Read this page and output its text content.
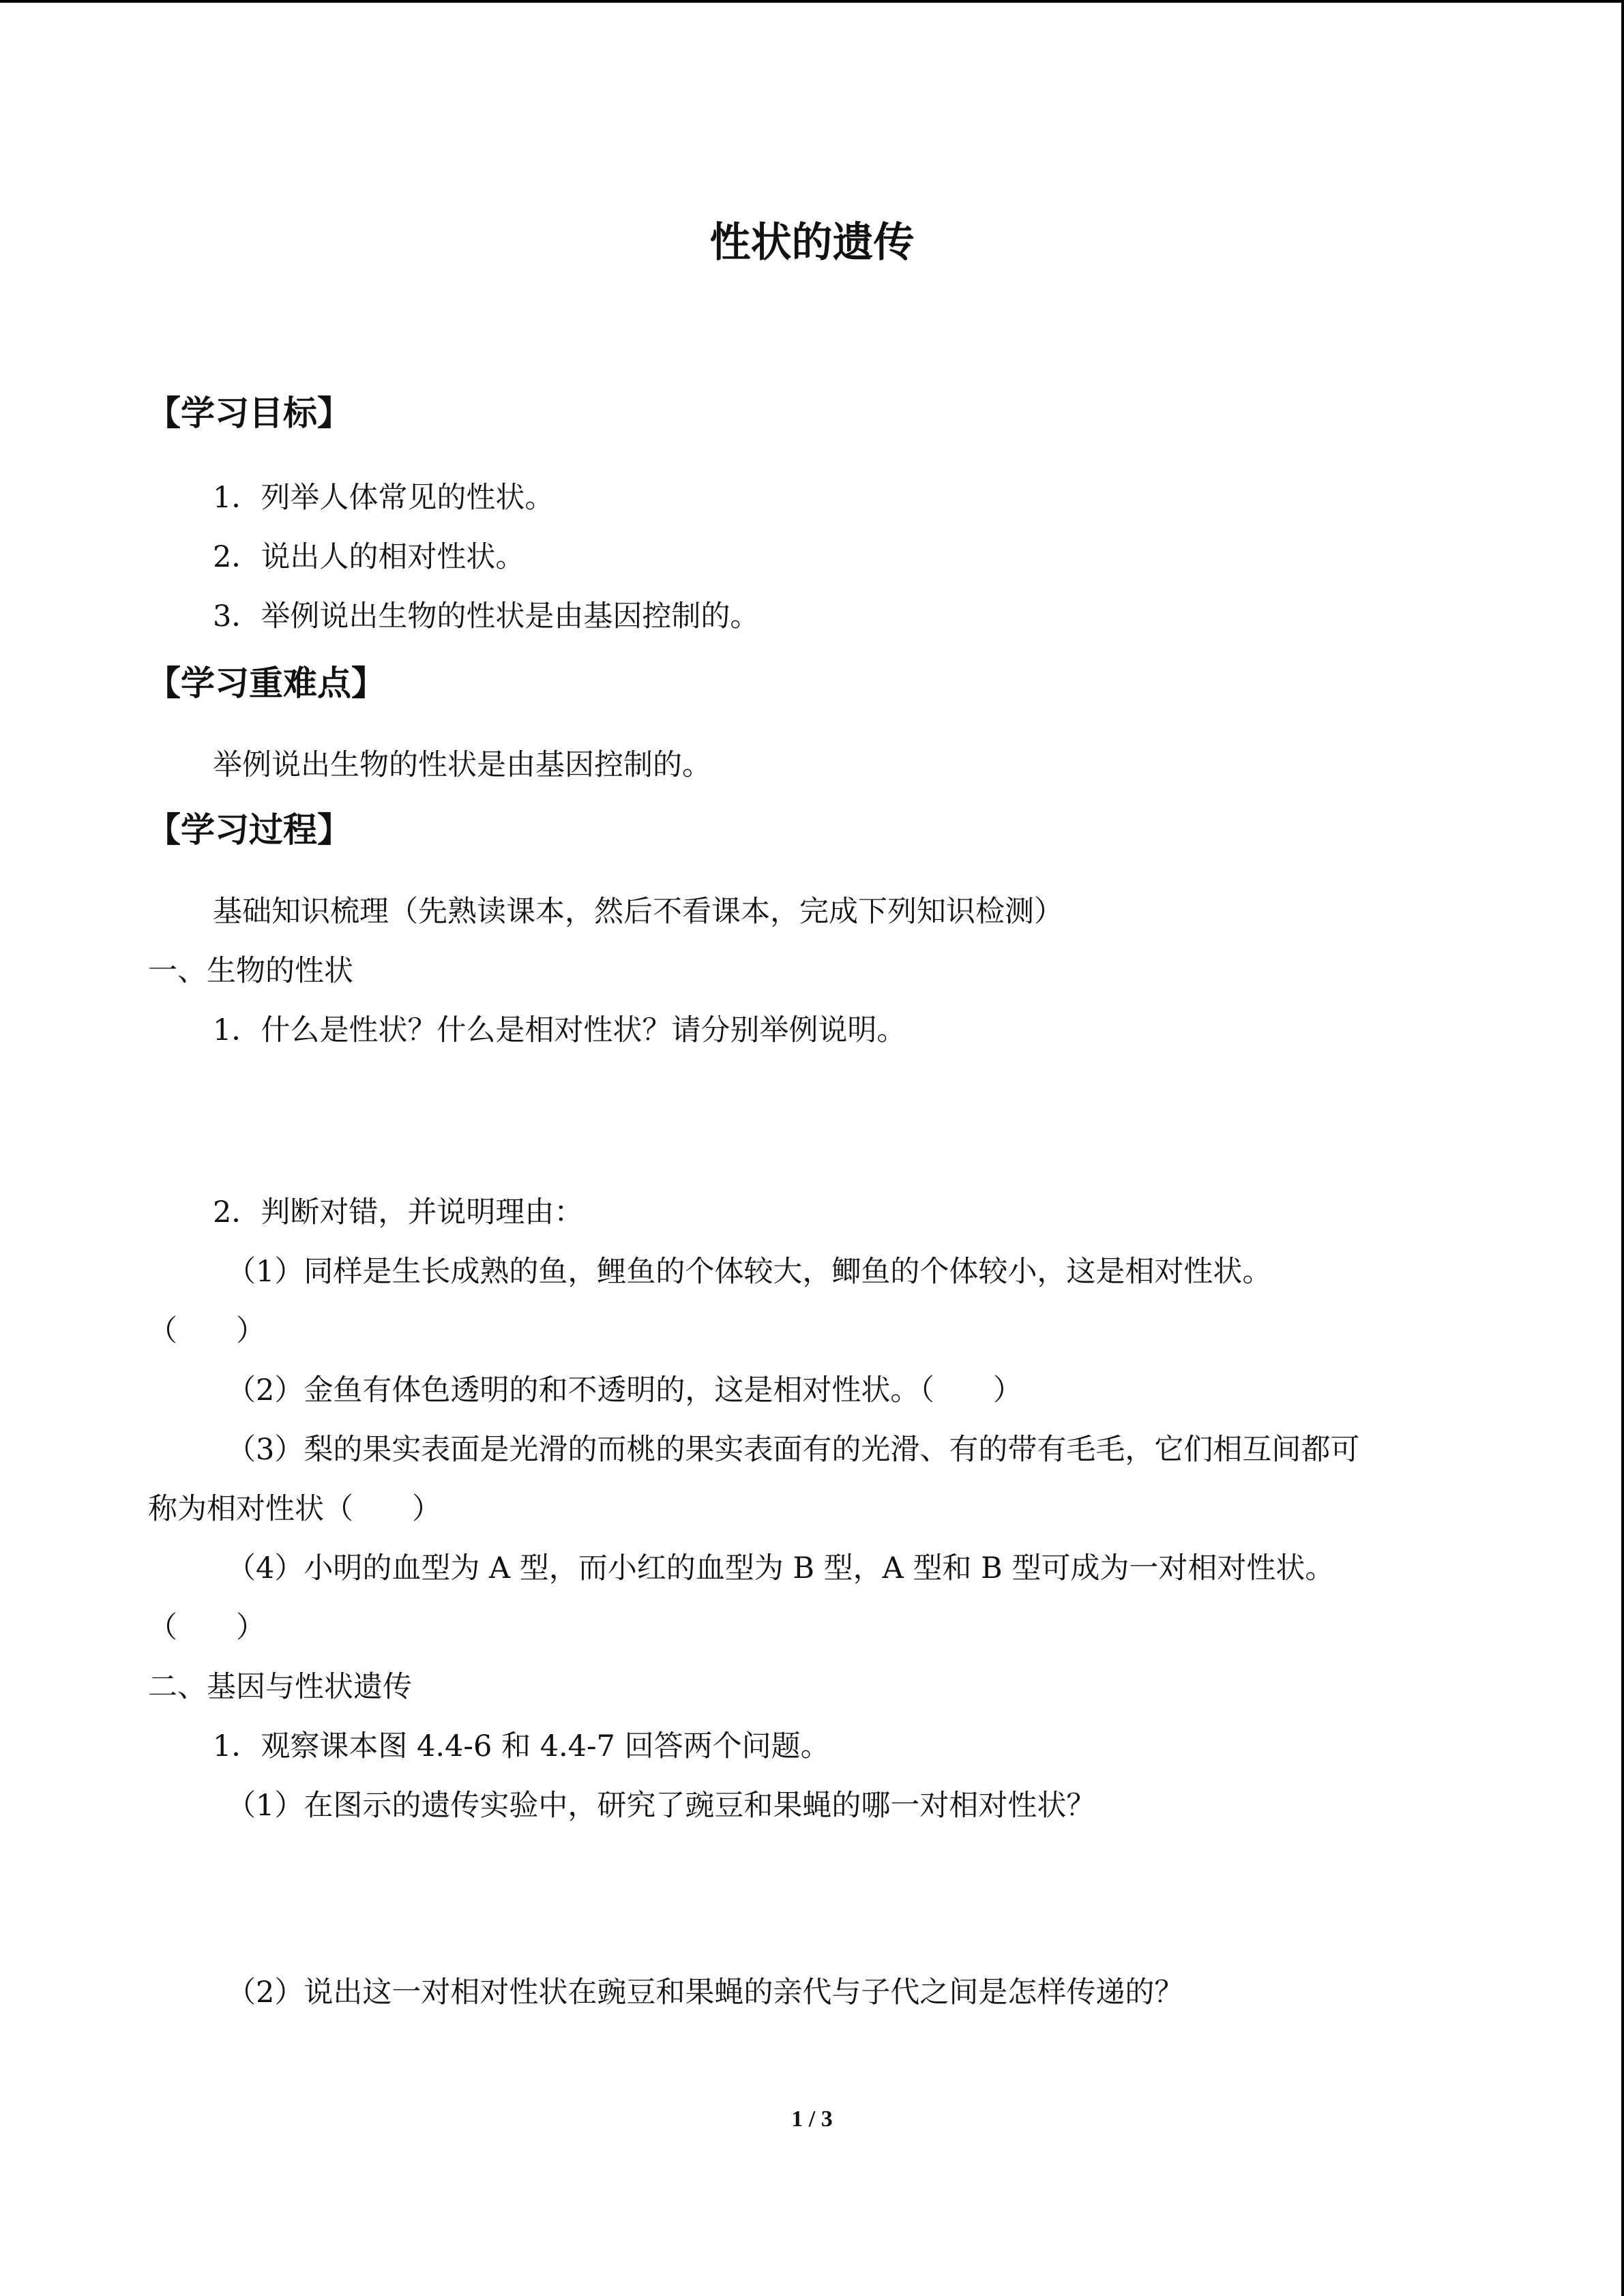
性状的遗传
【学习目标】

1．列举人体常见的性状。

2．说出人的相对性状。

3．举例说出生物的性状是由基因控制的。

【学习重难点】

举例说出生物的性状是由基因控制的。

【学习过程】

基础知识梳理（先熟读课本，然后不看课本，完成下列知识检测）

一、生物的性状

1．什么是性状？什么是相对性状？请分别举例说明。

2．判断对错，并说明理由：

（1）同样是生长成熟的鱼，鲤鱼的个体较大，鲫鱼的个体较小，这是相对性状。

（　　）

（2）金鱼有体色透明的和不透明的，这是相对性状。（　　）

（3）梨的果实表面是光滑的而桃的果实表面有的光滑、有的带有毛毛，它们相互间都可

称为相对性状（　　）

（4）小明的血型为 A 型，而小红的血型为 B 型，A 型和 B 型可成为一对相对性状。

（　　）

二、基因与性状遗传

1．观察课本图 4.4-6 和 4.4-7 回答两个问题。

（1）在图示的遗传实验中，研究了豌豆和果蝇的哪一对相对性状？

（2）说出这一对相对性状在豌豆和果蝇的亲代与子代之间是怎样传递的？

1 / 3
